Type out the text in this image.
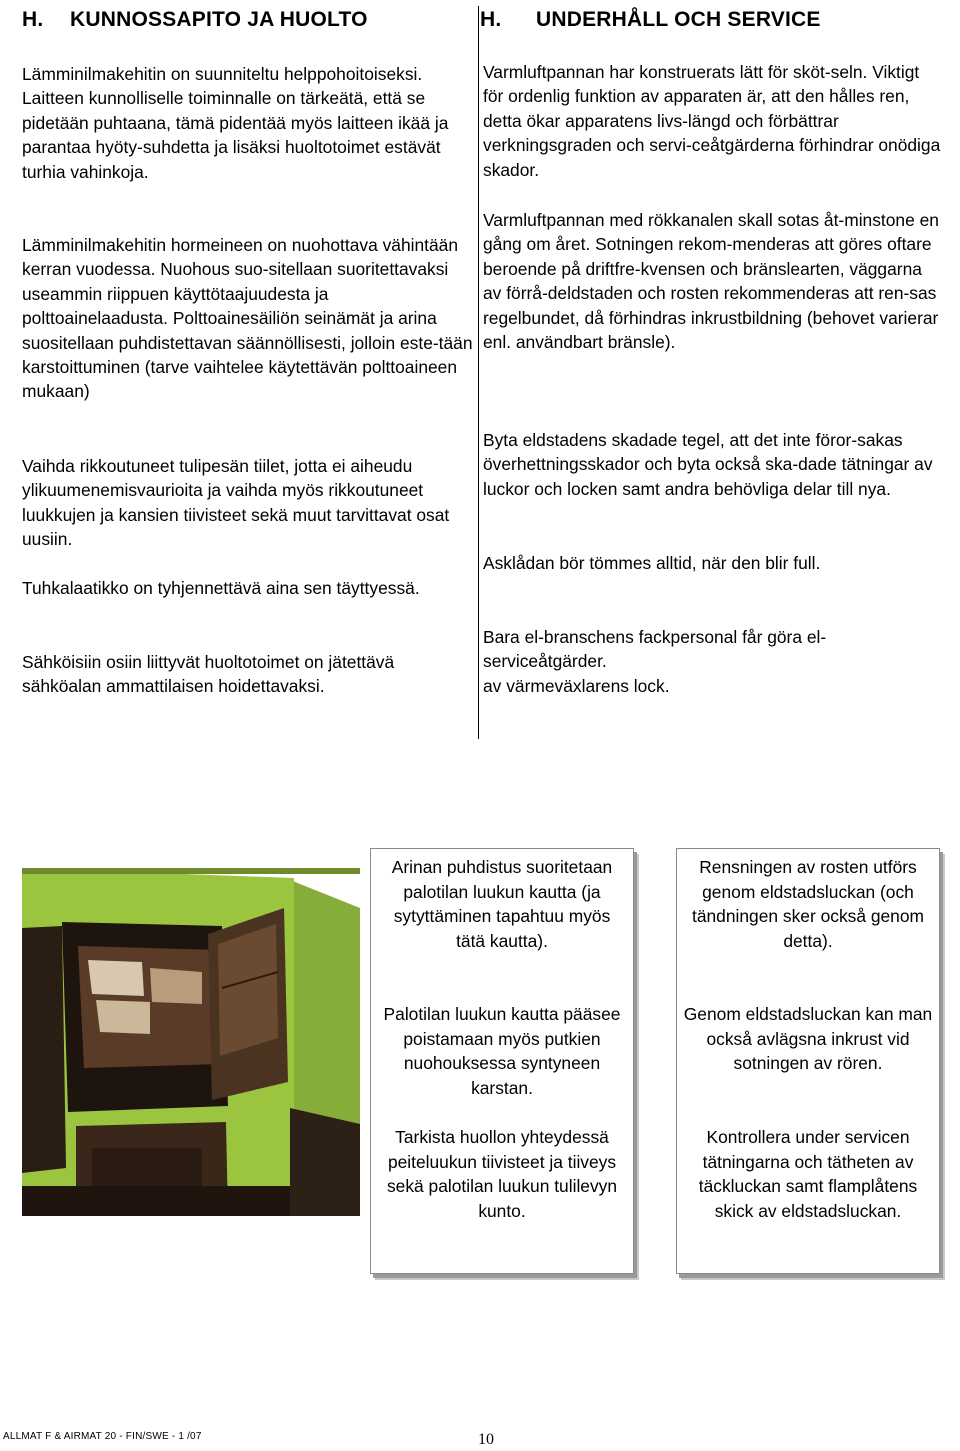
H. KUNNOSSAPITO JA HUOLTO

Lämminilmakehitin on suunniteltu helppohoitoiseksi. Laitteen kunnolliselle toiminnalle on tärkeätä, että se pidetään puhtaana, tämä pidentää myös laitteen ikää ja parantaa hyöty-suhdetta ja lisäksi huoltotoimet estävät turhia vahinkoja.

Lämminilmakehitin hormeineen on nuohottava vähintään kerran vuodessa. Nuohous suo-sitellaan suoritettavaksi useammin riippuen käyttötaajuudesta ja polttoainelaadusta. Polttoainesäiliön seinämät ja arina suositellaan puhdistettavan säännöllisesti, jolloin este-tään karstoittuminen (tarve vaihtelee käytettävän polttoaineen mukaan)

Vaihda rikkoutuneet tulipesän tiilet, jotta ei aiheudu ylikuumenemisvaurioita ja vaihda myös rikkoutuneet luukkujen ja kansien tiivisteet sekä muut tarvittavat osat uusiin.

Tuhkalaatikko on tyhjennettävä aina sen täyttyessä.

Sähköisiin osiin liittyvät huoltotoimet on jätettävä sähköalan ammattilaisen hoidettavaksi.

H. UNDERHÅLL OCH SERVICE

Varmluftpannan har konstruerats lätt för sköt-seln. Viktigt för ordenlig funktion av apparaten är, att den hålles ren, detta ökar apparatens livs-längd och förbättrar verkningsgraden och servi-ceåtgärderna förhindrar onödiga skador.

Varmluftpannan med rökkanalen skall sotas åt-minstone en gång om året. Sotningen rekom-menderas att göres oftare beroende på driftfre-kvensen och bränslearten, väggarna av förrå-deldstaden och rosten rekommenderas att ren-sas regelbundet, då förhindras inkrustbildning (behovet varierar enl. användbart bränsle).

Byta eldstadens skadade tegel, att det inte föror-sakas överhettningsskador och byta också ska-dade tätningar av luckor och locken samt andra behövliga delar till nya.

Asklådan bör tömmes alltid, när den blir full.

Bara el-branschens fackpersonal får göra el-serviceåtgärder.
av värmeväxlarens lock.

Arinan puhdistus suoritetaan palotilan luukun kautta (ja sytyttäminen tapahtuu myös tätä kautta).

Palotilan luukun kautta pääsee poistamaan myös putkien nuohouksessa syntyneen karstan.

Tarkista huollon yhteydessä peiteluukun tiivisteet ja tiiveys sekä palotilan luukun tulilevyn kunto.

Rensningen av rosten utförs genom eldstadsluckan (och tändningen sker också genom detta).

Genom eldstadsluckan kan man också avlägsna inkrust vid sotningen av rören.

Kontrollera under servicen tätningarna och tätheten av täckluckan samt flamplåtens skick av eldstadsluckan.

ALLMAT F & AIRMAT 20 - FIN/SWE - 1 /07	10
